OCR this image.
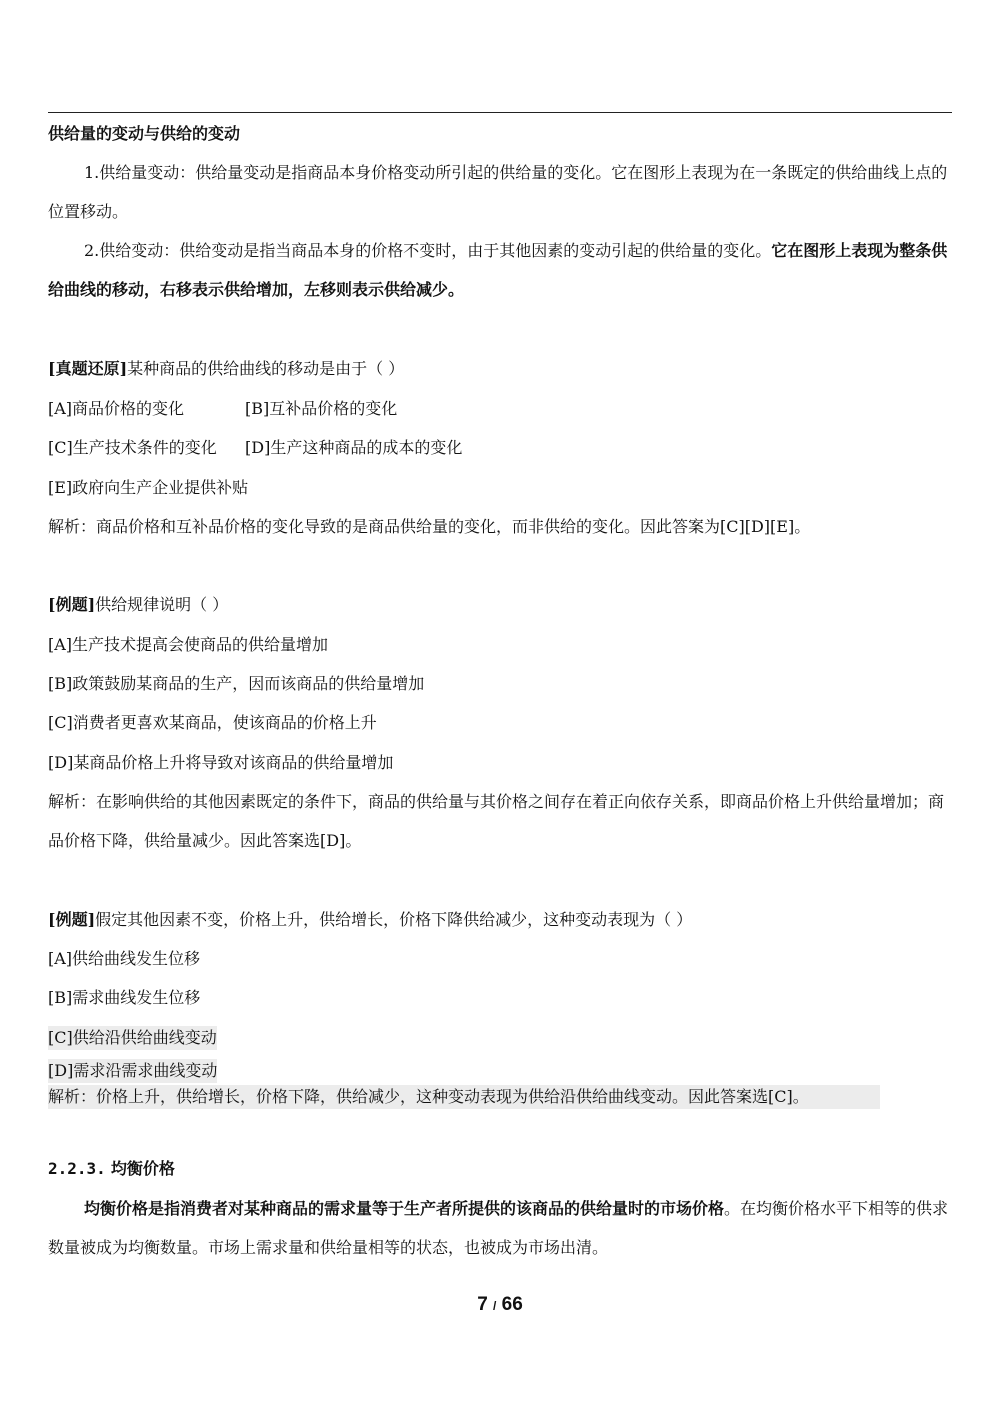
供给量的变动与供给的变动

1.供给量变动：供给量变动是指商品本身价格变动所引起的供给量的变化。它在图形上表现为在一条既定的供给曲线上点的位置移动。

2.供给变动：供给变动是指当商品本身的价格不变时，由于其他因素的变动引起的供给量的变化。它在图形上表现为整条供给曲线的移动，右移表示供给增加，左移则表示供给减少。

[真题还原]某种商品的供给曲线的移动是由于（ ）

[A]商品价格的变化	[B]互补品价格的变化

[C]生产技术条件的变化 [D]生产这种商品的成本的变化

[E]政府向生产企业提供补贴

解析：商品价格和互补品价格的变化导致的是商品供给量的变化，而非供给的变化。因此答案为[C][D][E]。

[例题]供给规律说明（ ）

[A]生产技术提高会使商品的供给量增加

[B]政策鼓励某商品的生产，因而该商品的供给量增加

[C]消费者更喜欢某商品，使该商品的价格上升

[D]某商品价格上升将导致对该商品的供给量增加

解析：在影响供给的其他因素既定的条件下，商品的供给量与其价格之间存在着正向依存关系，即商品价格上升供给量增加；商品价格下降，供给量减少。因此答案选[D]。

[例题]假定其他因素不变，价格上升，供给增长，价格下降供给减少，这种变动表现为（ ）

[A]供给曲线发生位移

[B]需求曲线发生位移

[C]供给沿供给曲线变动

[D]需求沿需求曲线变动

解析：价格上升，供给增长，价格下降，供给减少，这种变动表现为供给沿供给曲线变动。因此答案选[C]。

2.2.3. 均衡价格

均衡价格是指消费者对某种商品的需求量等于生产者所提供的该商品的供给量时的市场价格。在均衡价格水平下相等的供求数量被成为均衡数量。市场上需求量和供给量相等的状态，也被成为市场出清。

7 / 66
